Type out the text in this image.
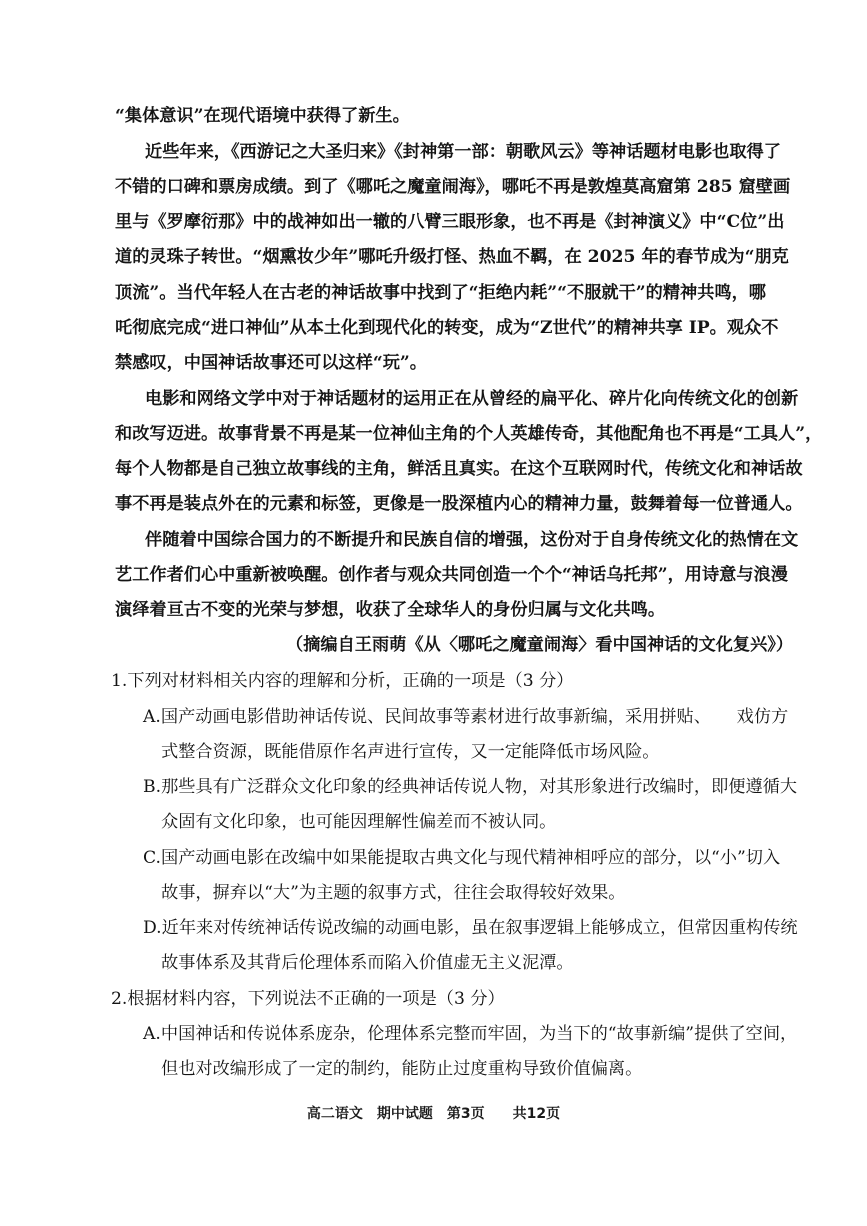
“集体意识”在现代语境中获得了新生。
近些年来，《西游记之大圣归来》《封神第一部：朝歌风云》等神话题材电影也取得了
不错的口碑和票房成绩。到了《哪吒之魔童闹海》，哪吒不再是敦煌莫高窟第 285 窟壁画
里与《罗摩衍那》中的战神如出一辙的八臂三眼形象，也不再是《封神演义》中“C位”出
道的灵珠子转世。“烟熏妆少年”哪吒升级打怪、热血不羁，在 2025 年的春节成为“朋克
顶流”。当代年轻人在古老的神话故事中找到了“拒绝内耗”“不服就干”的精神共鸣，哪
吒彻底完成“进口神仙”从本土化到现代化的转变，成为“Z世代”的精神共享 IP。观众不
禁感叹，中国神话故事还可以这样“玩”。
电影和网络文学中对于神话题材的运用正在从曾经的扁平化、碎片化向传统文化的创新
和改写迈进。故事背景不再是某一位神仙主角的个人英雄传奇，其他配角也不再是“工具人”，
每个人物都是自己独立故事线的主角，鲜活且真实。在这个互联网时代，传统文化和神话故
事不再是装点外在的元素和标签，更像是一股深植内心的精神力量，鼓舞着每一位普通人。
伴随着中国综合国力的不断提升和民族自信的增强，这份对于自身传统文化的热情在文
艺工作者们心中重新被唤醒。创作者与观众共同创造一个个“神话乌托邦”，用诗意与浪漫
演绎着亘古不变的光荣与梦想，收获了全球华人的身份归属与文化共鸣。
（摘编自王雨萌《从〈哪吒之魔童闹海〉看中国神话的文化复兴》）
1.下列对材料相关内容的理解和分析，正确的一项是（3 分）
A.国产动画电影借助神话传说、民间故事等素材进行故事新编，采用拼贴、　　戏仿方
式整合资源，既能借原作名声进行宣传，又一定能降低市场风险。
B.那些具有广泛群众文化印象的经典神话传说人物，对其形象进行改编时，即便遵循大
众固有文化印象，也可能因理解性偏差而不被认同。
C.国产动画电影在改编中如果能提取古典文化与现代精神相呼应的部分，以“小”切入
故事，摒弃以“大”为主题的叙事方式，往往会取得较好效果。
D.近年来对传统神话传说改编的动画电影，虽在叙事逻辑上能够成立，但常因重构传统
故事体系及其背后伦理体系而陷入价值虚无主义泥潭。
2.根据材料内容，下列说法不正确的一项是（3 分）
A.中国神话和传说体系庞杂，伦理体系完整而牢固，为当下的“故事新编”提供了空间，
但也对改编形成了一定的制约，能防止过度重构导致价值偏离。
高二语文　期中试题　第3页　　共12页
